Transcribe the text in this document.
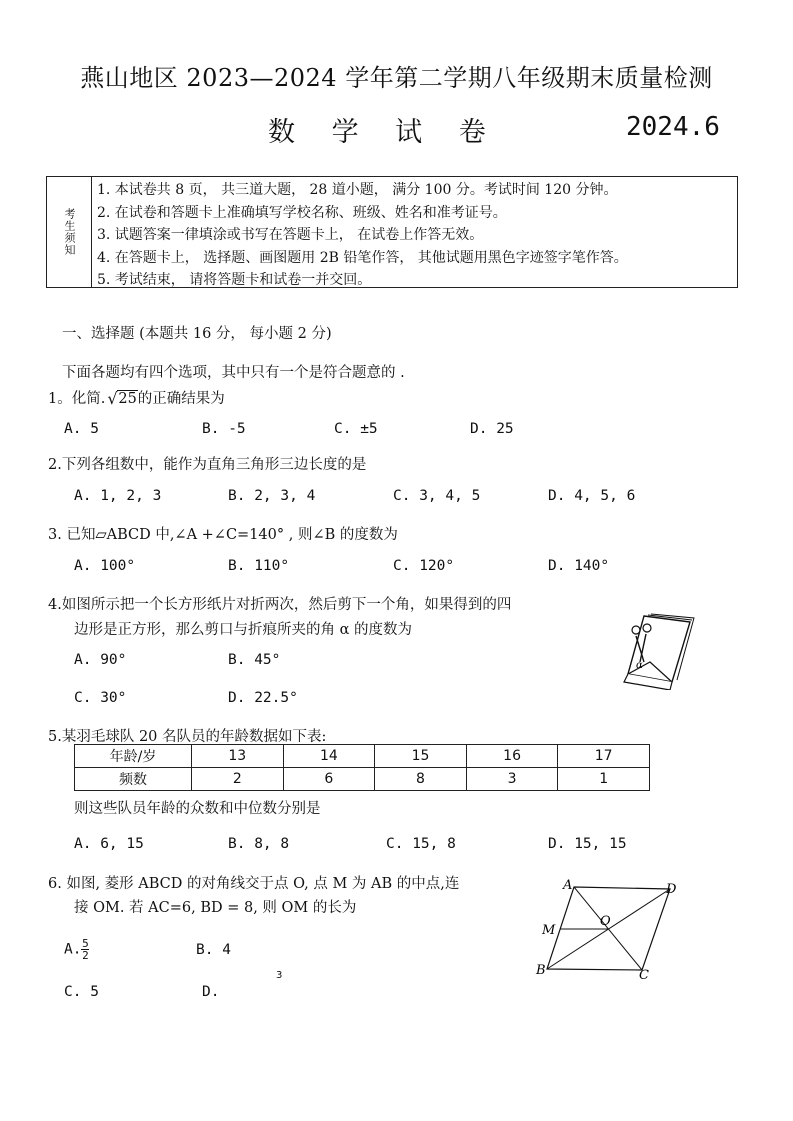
燕山地区 2023—2024 学年第二学期八年级期末质量检测
数 学 试 卷	2024.6
考生须知
1. 本试卷共 8 页， 共三道大题， 28 道小题， 满分 100 分。考试时间 120 分钟。
2. 在试卷和答题卡上准确填写学校名称、班级、姓名和准考证号。
3. 试题答案一律填涂或书写在答题卡上， 在试卷上作答无效。
4. 在答题卡上， 选择题、画图题用 2B 铅笔作答， 其他试题用黑色字迹签字笔作答。
5. 考试结束， 请将答题卡和试卷一并交回。
一、选择题 (本题共 16 分， 每小题 2 分)
下面各题均有四个选项，其中只有一个是符合题意的 .
1。化简. √ 25的正确结果为
A. 5	B. -5	C. ±5	D. 25
2.下列各组数中，能作为直角三角形三边长度的是
A. 1, 2, 3	B. 2, 3, 4	C. 3, 4, 5	D. 4, 5, 6
3. 已知▱ABCD 中,∠A +∠C=140° , 则∠B 的度数为
A. 100°	B. 110°	C. 120°	D. 140°
4.如图所示把一个长方形纸片对折两次，然后剪下一个角，如果得到的四
边形是正方形，那么剪口与折痕所夹的角 α 的度数为
A. 90°	B. 45°
C. 30°	D. 22.5°
α
5.某羽毛球队 20 名队员的年龄数据如下表:
年龄/岁	13	14	15	16	17
频数	2	6	8	3	1
则这些队员年龄的众数和中位数分别是
A. 6, 15	B. 8, 8	C. 15, 8	D. 15, 15
6. 如图, 菱形 ABCD 的对角线交于点 O, 点 M 为 AB 的中点,连
接 OM. 若 AC=6, BD = 8, 则 OM 的长为
A. $\frac{5}{2}$	B. 4
C. 5	D.
3
A	D
B	C
M
O
